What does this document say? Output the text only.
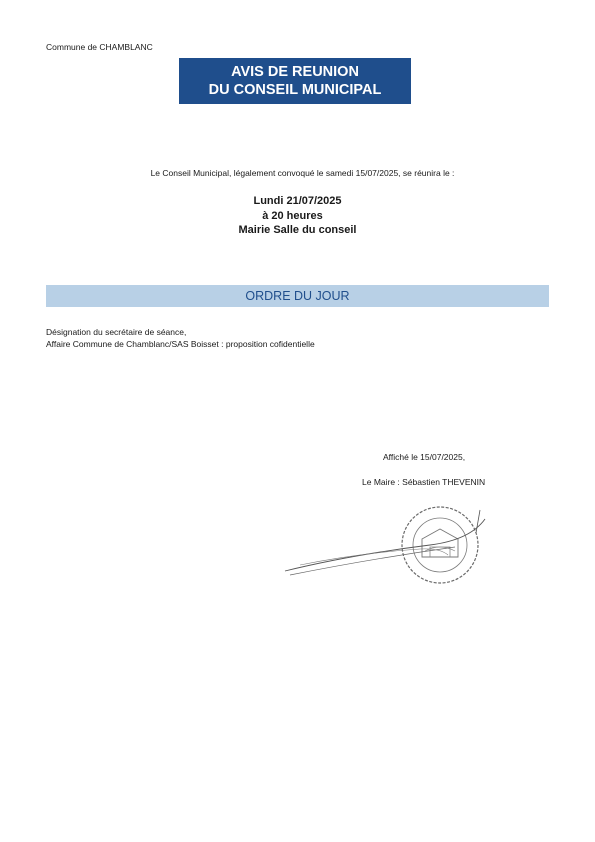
Commune de CHAMBLANC
AVIS DE REUNION
DU CONSEIL MUNICIPAL
Le Conseil Municipal, légalement convoqué le samedi 15/07/2025, se réunira le :
Lundi 21/07/2025
à 20 heures
Mairie Salle du conseil
ORDRE DU JOUR
Désignation du secrétaire de séance,
Affaire Commune de Chamblanc/SAS Boisset : proposition cofidentielle
Affiché le 15/07/2025,
Le Maire : Sébastien THEVENIN
